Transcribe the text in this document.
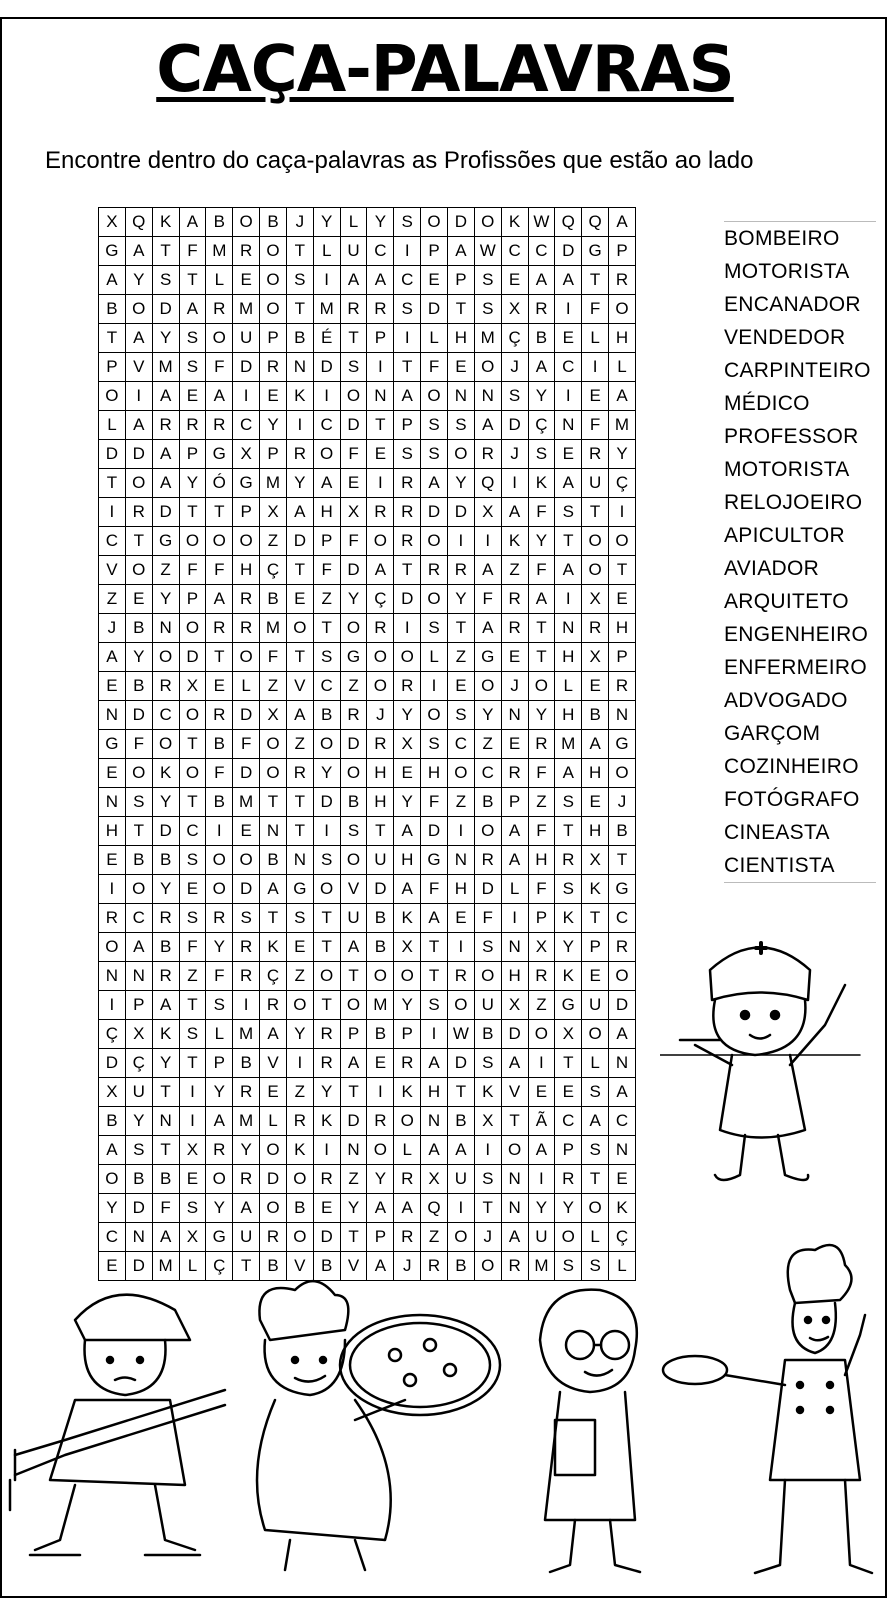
CAÇA-PALAVRAS
Encontre dentro do caça-palavras as Profissões que estão ao lado
X	Q	K	A	B	O	B	J	Y	L	Y	S	O	D	O	K	W	Q	Q	A
G	A	T	F	M	R	O	T	L	U	C	I	P	A	W	C	C	D	G	P
A	Y	S	T	L	E	O	S	I	A	A	C	E	P	S	E	A	A	T	R
B	O	D	A	R	M	O	T	M	R	R	S	D	T	S	X	R	I	F	O
T	A	Y	S	O	U	P	B	É	T	P	I	L	H	M	Ç	B	E	L	H
P	V	M	S	F	D	R	N	D	S	I	T	F	E	O	J	A	C	I	L
O	I	A	E	A	I	E	K	I	O	N	A	O	N	N	S	Y	I	E	A
L	A	R	R	R	C	Y	I	C	D	T	P	S	S	A	D	Ç	N	F	M
D	D	A	P	G	X	P	R	O	F	E	S	S	O	R	J	S	E	R	Y
T	O	A	Y	Ó	G	M	Y	A	E	I	R	A	Y	Q	I	K	A	U	Ç
I	R	D	T	T	P	X	A	H	X	R	R	D	D	X	A	F	S	T	I
C	T	G	O	O	O	Z	D	P	F	O	R	O	I	I	K	Y	T	O	O
V	O	Z	F	F	H	Ç	T	F	D	A	T	R	R	A	Z	F	A	O	T
Z	E	Y	P	A	R	B	E	Z	Y	Ç	D	O	Y	F	R	A	I	X	E
J	B	N	O	R	R	M	O	T	O	R	I	S	T	A	R	T	N	R	H
A	Y	O	D	T	O	F	T	S	G	O	O	L	Z	G	E	T	H	X	P
E	B	R	X	E	L	Z	V	C	Z	O	R	I	E	O	J	O	L	E	R
N	D	C	O	R	D	X	A	B	R	J	Y	O	S	Y	N	Y	H	B	N
G	F	O	T	B	F	O	Z	O	D	R	X	S	C	Z	E	R	M	A	G
E	O	K	O	F	D	O	R	Y	O	H	E	H	O	C	R	F	A	H	O
N	S	Y	T	B	M	T	T	D	B	H	Y	F	Z	B	P	Z	S	E	J
H	T	D	C	I	E	N	T	I	S	T	A	D	I	O	A	F	T	H	B
E	B	B	S	O	O	B	N	S	O	U	H	G	N	R	A	H	R	X	T
I	O	Y	E	O	D	A	G	O	V	D	A	F	H	D	L	F	S	K	G
R	C	R	S	R	S	T	S	T	U	B	K	A	E	F	I	P	K	T	C
O	A	B	F	Y	R	K	E	T	A	B	X	T	I	S	N	X	Y	P	R
N	N	R	Z	F	R	Ç	Z	O	T	O	O	T	R	O	H	R	K	E	O
I	P	A	T	S	I	R	O	T	O	M	Y	S	O	U	X	Z	G	U	D
Ç	X	K	S	L	M	A	Y	R	P	B	P	I	W	B	D	O	X	O	A
D	Ç	Y	T	P	B	V	I	R	A	E	R	A	D	S	A	I	T	L	N
X	U	T	I	Y	R	E	Z	Y	T	I	K	H	T	K	V	E	E	S	A
B	Y	N	I	A	M	L	R	K	D	R	O	N	B	X	T	Ã	C	A	C
A	S	T	X	R	Y	O	K	I	N	O	L	A	A	I	O	A	P	S	N
O	B	B	E	O	R	D	O	R	Z	Y	R	X	U	S	N	I	R	T	E
Y	D	F	S	Y	A	O	B	E	Y	A	A	Q	I	T	N	Y	Y	O	K
C	N	A	X	G	U	R	O	D	T	P	R	Z	O	J	A	U	O	L	Ç
E	D	M	L	Ç	T	B	V	B	V	A	J	R	B	O	R	M	S	S	L
BOMBEIRO
MOTORISTA
ENCANADOR
VENDEDOR
CARPINTEIRO
MÉDICO
PROFESSOR
MOTORISTA
RELOJOEIRO
APICULTOR
AVIADOR
ARQUITETO
ENGENHEIRO
ENFERMEIRO
ADVOGADO
GARÇOM
COZINHEIRO
FOTÓGRAFO
CINEASTA
CIENTISTA
